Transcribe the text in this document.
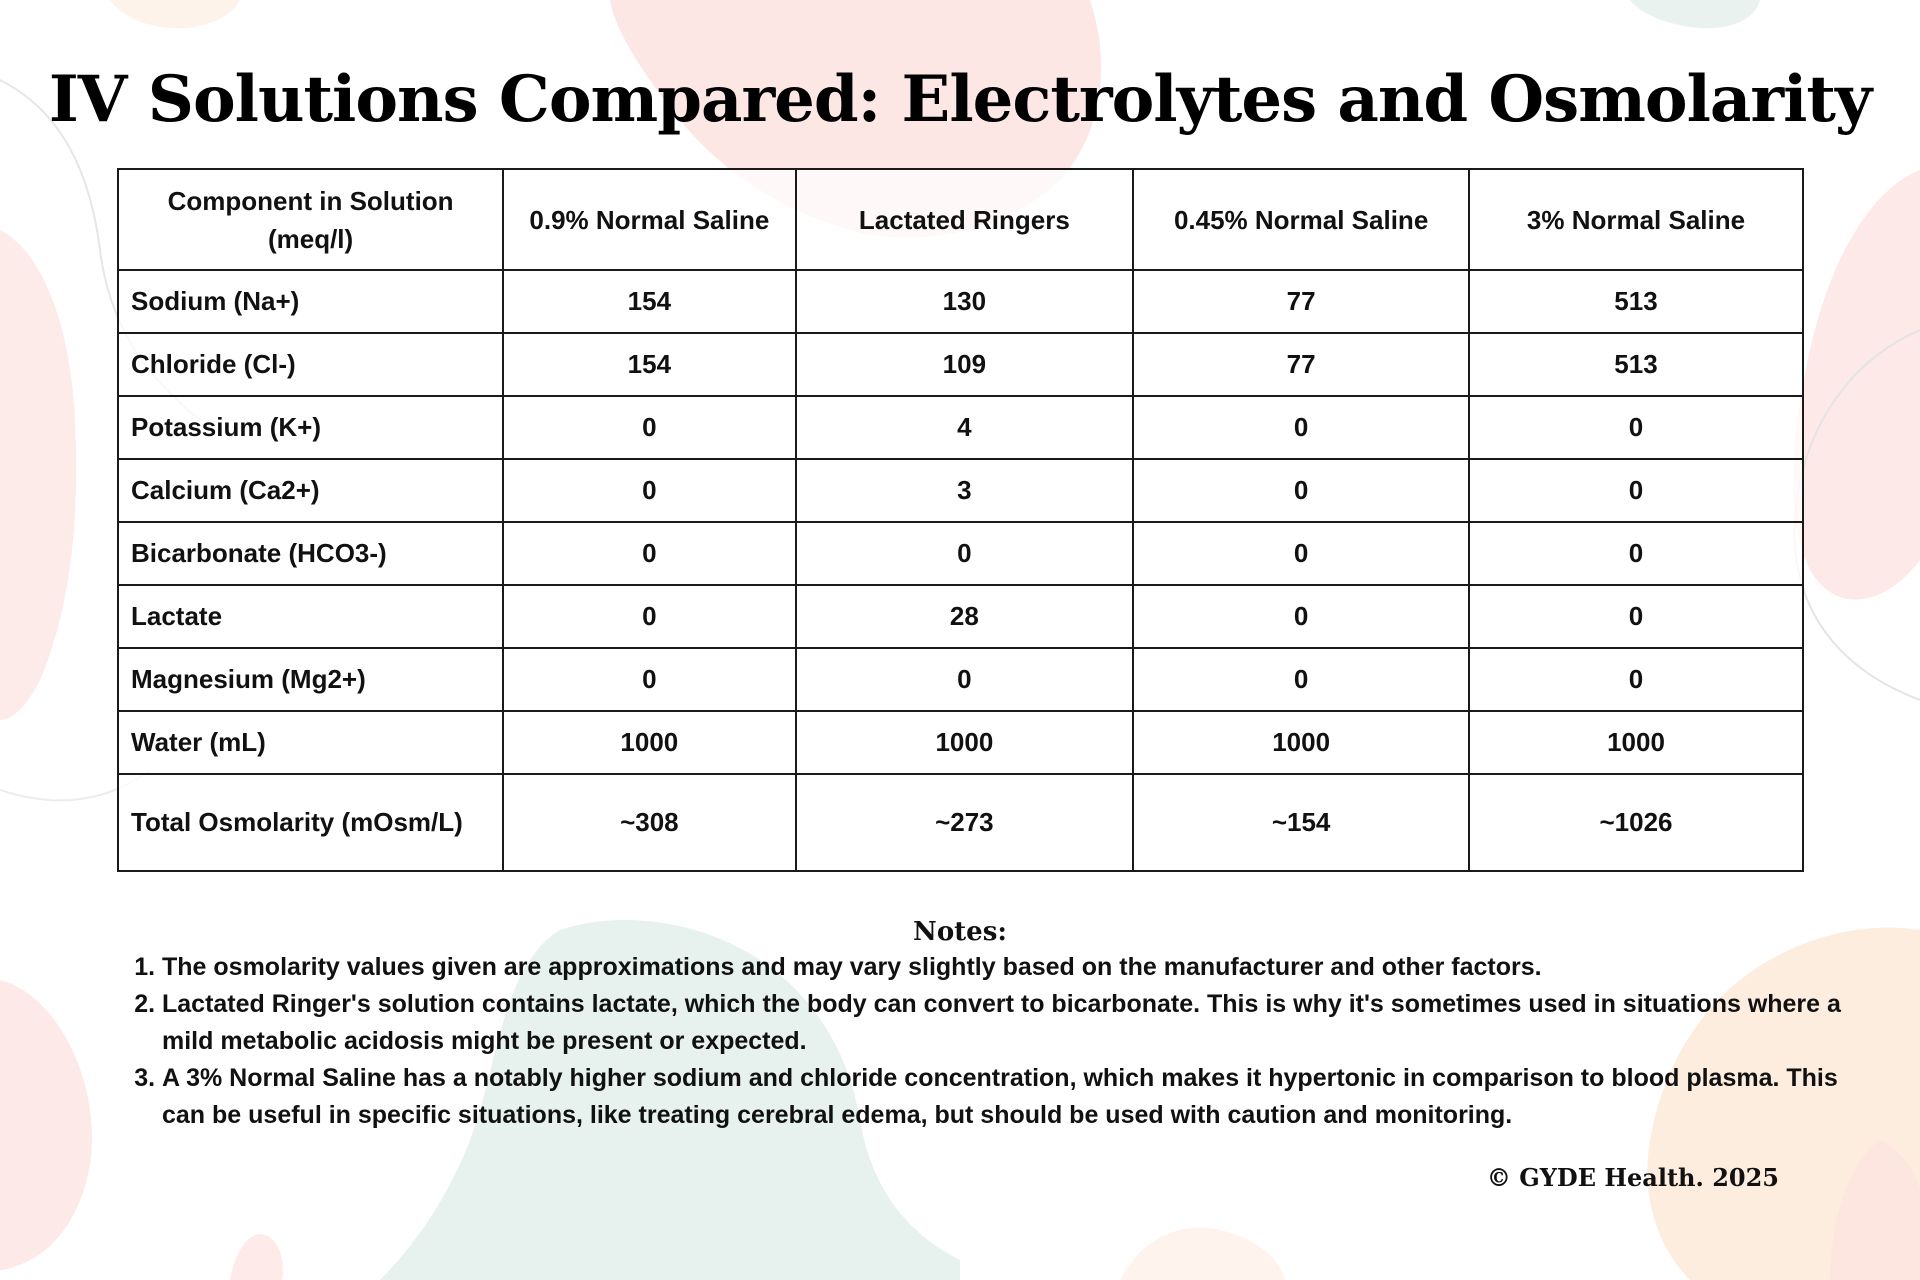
IV Solutions Compared: Electrolytes and Osmolarity
Component in Solution (meq/l)	0.9% Normal Saline	Lactated Ringers	0.45% Normal Saline	3% Normal Saline
Sodium (Na+)	154	130	77	513
Chloride (Cl-)	154	109	77	513
Potassium (K+)	0	4	0	0
Calcium (Ca2+)	0	3	0	0
Bicarbonate (HCO3-)	0	0	0	0
Lactate	0	28	0	0
Magnesium (Mg2+)	0	0	0	0
Water (mL)	1000	1000	1000	1000
Total Osmolarity (mOsm/L)	~308	~273	~154	~1026
Notes:
1. The osmolarity values given are approximations and may vary slightly based on the manufacturer and other factors.
2. Lactated Ringer's solution contains lactate, which the body can convert to bicarbonate. This is why it's sometimes used in situations where a mild metabolic acidosis might be present or expected.
3. A 3% Normal Saline has a notably higher sodium and chloride concentration, which makes it hypertonic in comparison to blood plasma. This can be useful in specific situations, like treating cerebral edema, but should be used with caution and monitoring.
© GYDE Health. 2025
